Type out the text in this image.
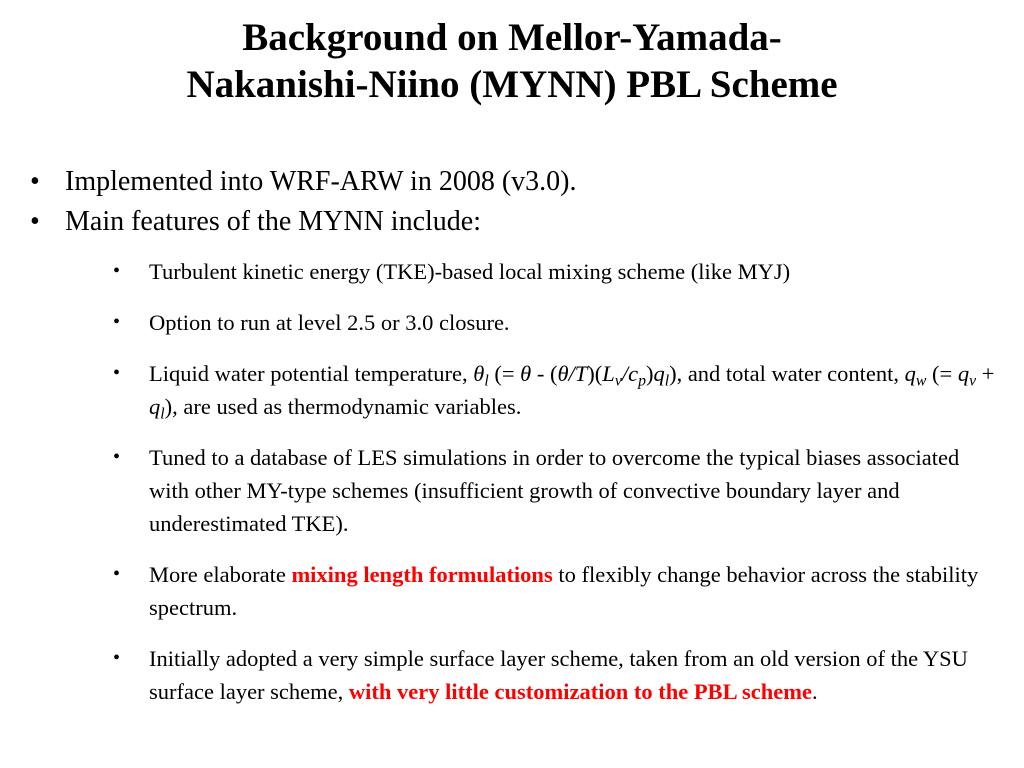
Background on Mellor-Yamada-
Nakanishi-Niino (MYNN) PBL Scheme
• Implemented into WRF-ARW in 2008 (v3.0).
• Main features of the MYNN include:
• Turbulent kinetic energy (TKE)-based local mixing scheme (like MYJ)
• Option to run at level 2.5 or 3.0 closure.
• Liquid water potential temperature, $\theta_l$ (= θ - $(\theta/T)(L_v/c_p)q_l$), and total water content, $q_w$ (= $q_v + q_l$), are used as thermodynamic variables.
• Tuned to a database of LES simulations in order to overcome the typical biases associated with other MY-type schemes (insufficient growth of convective boundary layer and underestimated TKE).
• More elaborate mixing length formulations to flexibly change behavior across the stability spectrum.
• Initially adopted a very simple surface layer scheme, taken from an old version of the YSU surface layer scheme, with very little customization to the PBL scheme.
